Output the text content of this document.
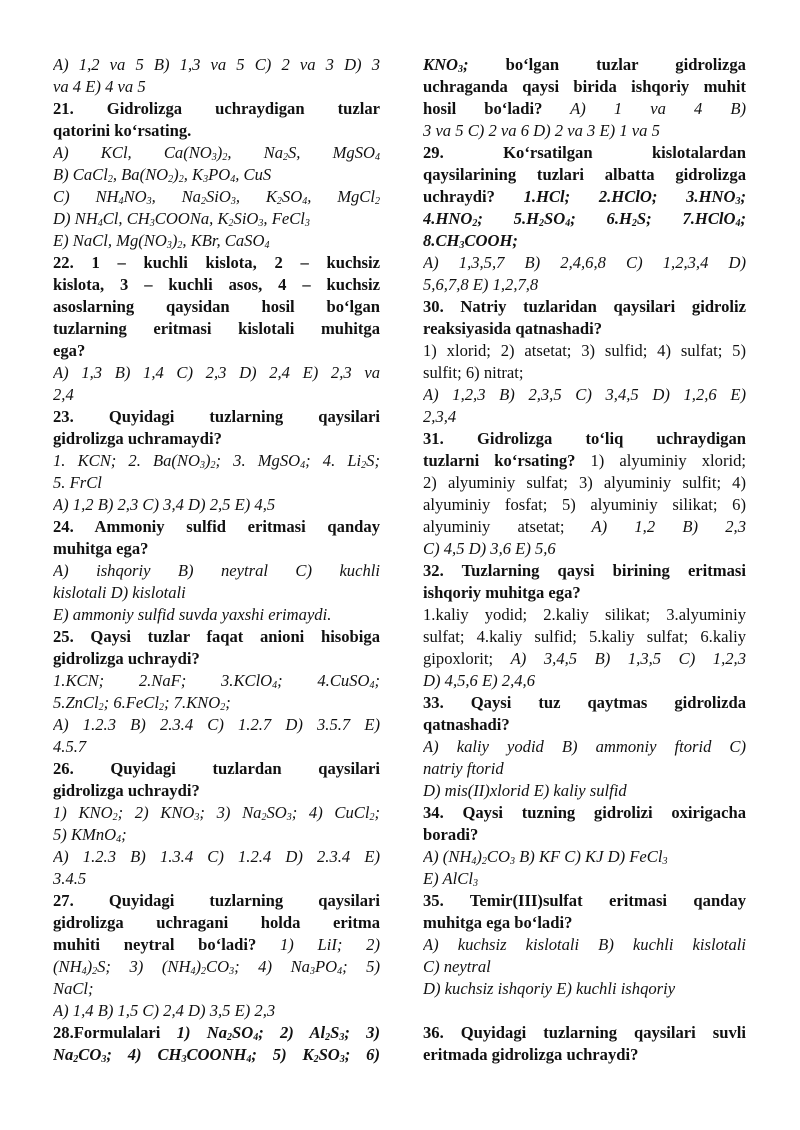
A) 1,2 va 5 B) 1,3 va 5 C) 2 va 3 D) 3
va 4 E) 4 va 5
21. Gidrolizga uchraydigan tuzlar
qatorini ko‘rsating.
A) KCl, $Ca(NO_3)_2$, $Na_2S$, MgSO$_4$
B) CaCl$_2$, $Ba(NO_2)_2$, $K_3PO_4$, CuS
C) $NH_4NO_3$, $Na_2SiO_3$, $K_2SO_4$, MgCl$_2$
D) $NH_4Cl$, $CH_3COONa$, $K_2SiO_3$, FeCl$_3$
E) NaCl, $Mg(NO_3)_2$, KBr, CaSO$_4$
22. 1 – kuchli kislota, 2 – kuchsiz
kislota, 3 – kuchli asos, 4 – kuchsiz
asoslarning qaysidan hosil bo‘lgan
tuzlarning eritmasi kislotali muhitga
ega?
A) 1,3 B) 1,4 C) 2,3 D) 2,4 E) 2,3 va
2,4
23. Quyidagi tuzlarning qaysilari
gidrolizga uchramaydi?
1. KCN; 2. $Ba(NO_3)_2$; 3. MgSO$_4$; 4. $Li_2S$;
5. FrCl
A) 1,2 B) 2,3 C) 3,4 D) 2,5 E) 4,5
24. Ammoniy sulfid eritmasi qanday
muhitga ega?
A) ishqoriy B) neytral C) kuchli
kislotali D) kislotali
E) ammoniy sulfid suvda yaxshi erimaydi.
25. Qaysi tuzlar faqat anioni hisobiga
gidrolizga uchraydi?
1.KCN; 2.NaF; 3.KClO$_4$; 4.CuSO$_4$;
5.ZnCl$_2$; 6.FeCl$_2$; $7.KNO_2$;
A) 1.2.3 B) 2.3.4 C) 1.2.7 D) 3.5.7 E)
4.5.7
26. Quyidagi tuzlardan qaysilari
gidrolizga uchraydi?
1) $KNO_2$; 2) $KNO_3$; 3) $Na_2SO_3$; 4) CuCl$_2$;
5) KMnO$_4$;
A) 1.2.3 B) 1.3.4 C) 1.2.4 D) 2.3.4 E)
3.4.5
27. Quyidagi tuzlarning qaysilari
gidrolizga uchragani holda eritma
muhiti neytral bo‘ladi? 1) LiI; 2)
$(NH_4)_2S$; 3) $(NH_4)_2CO_3$; 4) $Na_3PO_4$; 5)
NaCl;
A) 1,4 B) 1,5 C) 2,4 D) 3,5 E) 2,3
28.Formulalari 1) $Na_2SO_4$; 2) $Al_2S_3$; 3)
$Na_2CO_3$; 4) $CH_3COONH_4$; 5) $K_2SO_3$; 6)
$KNO_3$; bo‘lgan tuzlar gidrolizga
uchraganda qaysi birida ishqoriy muhit
hosil bo‘ladi? A) 1 va 4 B)
3 va 5 C) 2 va 6 D) 2 va 3 E) 1 va 5
29. Ko‘rsatilgan kislotalardan
qaysilarining tuzlari albatta gidrolizga
uchraydi? 1.HCl; 2.HClO; $3.HNO_3$;
$4.HNO_2$; $5.H_2SO_4$; $6.H_2S$; 7.HClO$_4$;
$8.CH_3COOH$;
A) 1,3,5,7 B) 2,4,6,8 C) 1,2,3,4 D)
5,6,7,8 E) 1,2,7,8
30. Natriy tuzlaridan qaysilari gidroliz
reaksiyasida qatnashadi?
1) xlorid; 2) atsetat; 3) sulfid; 4) sulfat; 5)
sulfit; 6) nitrat;
A) 1,2,3 B) 2,3,5 C) 3,4,5 D) 1,2,6 E)
2,3,4
31. Gidrolizga to‘liq uchraydigan
tuzlarni ko‘rsating? 1) alyuminiy xlorid;
2) alyuminiy sulfat; 3) alyuminiy sulfit; 4)
alyuminiy fosfat; 5) alyuminiy silikat; 6)
alyuminiy atsetat; A) 1,2 B) 2,3
C) 4,5 D) 3,6 E) 5,6
32. Tuzlarning qaysi birining eritmasi
ishqoriy muhitga ega?
1.kaliy yodid; 2.kaliy silikat; 3.alyuminiy
sulfat; 4.kaliy sulfid; 5.kaliy sulfat; 6.kaliy
gipoxlorit; A) 3,4,5 B) 1,3,5 C) 1,2,3
D) 4,5,6 E) 2,4,6
33. Qaysi tuz qaytmas gidrolizda
qatnashadi?
A) kaliy yodid B) ammoniy ftorid C)
natriy ftorid
D) mis(II)xlorid E) kaliy sulfid
34. Qaysi tuzning gidrolizi oxirigacha
boradi?
A) $(NH_4)_2CO_3$ B) KF C) KJ D) FeCl$_3$
E) AlCl$_3$
35. Temir(III)sulfat eritmasi qanday
muhitga ega bo‘ladi?
A) kuchsiz kislotali B) kuchli kislotali
C) neytral
D) kuchsiz ishqoriy E) kuchli ishqoriy
36. Quyidagi tuzlarning qaysilari suvli
eritmada gidrolizga uchraydi?
